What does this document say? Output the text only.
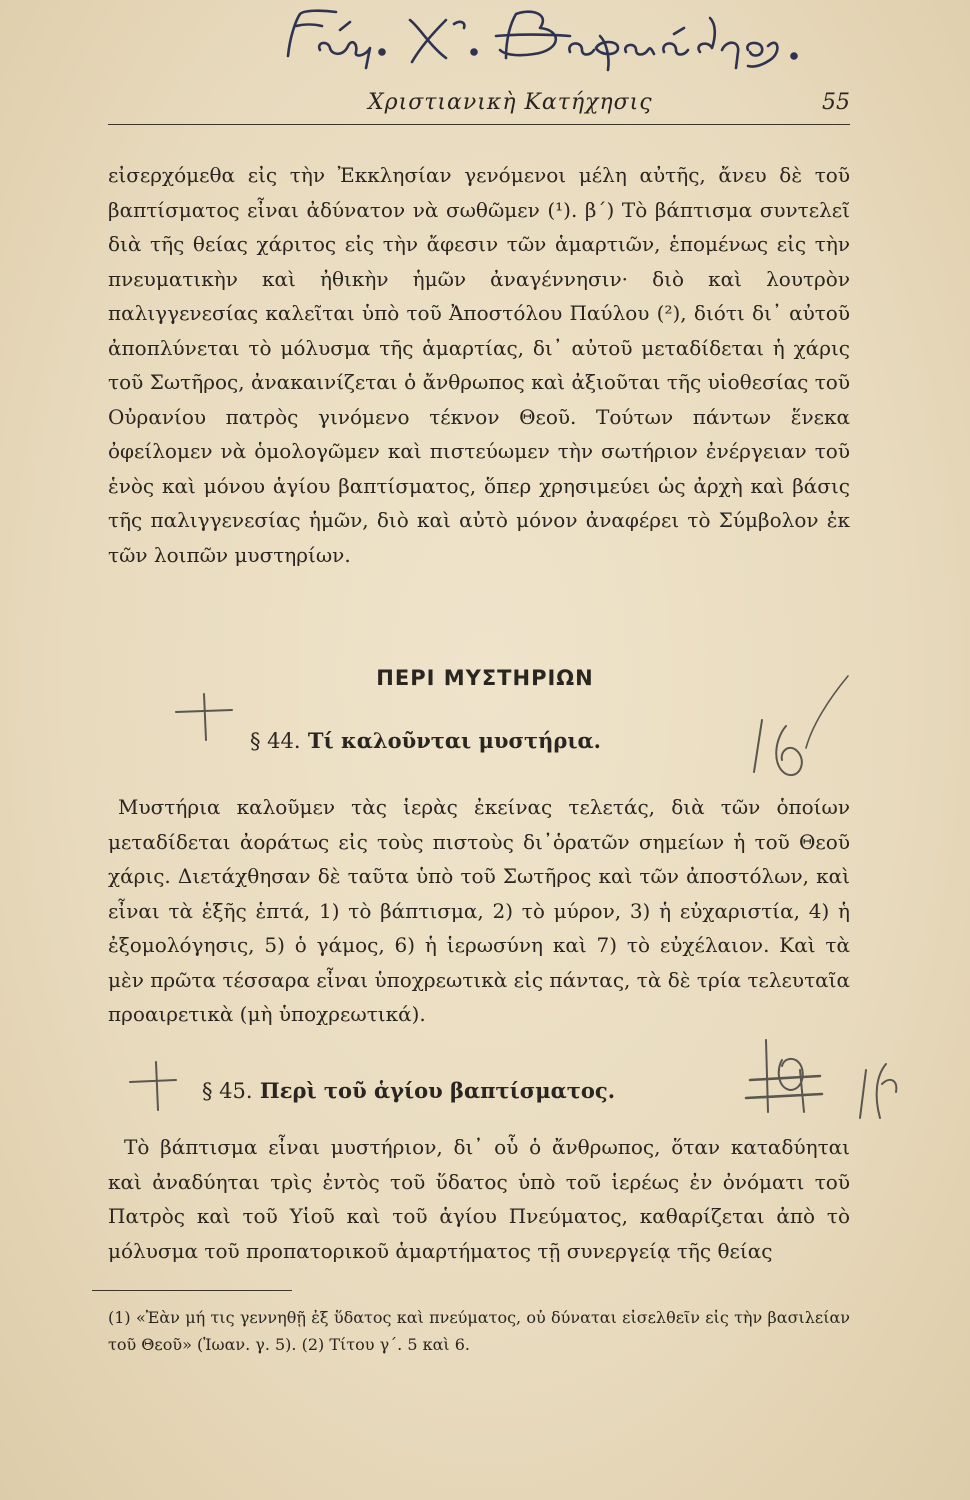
Χριστιανικὴ Κατήχησις	55

εἰσερχόμεθα εἰς τὴν Ἐκκλησίαν γενόμενοι μέλη αὐτῆς, ἄνευ δὲ τοῦ βαπτίσματος εἶναι ἀδύνατον νὰ σωθῶμεν (¹). β΄) Τὸ βάπτισμα συντελεῖ διὰ τῆς θείας χάριτος εἰς τὴν ἄφεσιν τῶν ἁμαρτιῶν, ἑπομένως εἰς τὴν πνευματικὴν καὶ ἠθικὴν ἡμῶν ἀναγέννησιν· διὸ καὶ λουτρὸν παλιγγενεσίας καλεῖται ὑπὸ τοῦ Ἀποστόλου Παύλου (²), διότι δι᾽ αὐτοῦ ἀποπλύνεται τὸ μόλυσμα τῆς ἁμαρτίας, δι᾽ αὐτοῦ μεταδίδεται ἡ χάρις τοῦ Σωτῆρος, ἀνακαινίζεται ὁ ἄνθρωπος καὶ ἀξιοῦται τῆς υἱοθεσίας τοῦ Οὐρανίου πατρὸς γινόμενο τέκνον Θεοῦ. Τούτων πάντων ἕνεκα ὀφείλομεν νὰ ὁμολογῶμεν καὶ πιστεύωμεν τὴν σωτήριον ἐνέργειαν τοῦ ἑνὸς καὶ μόνου ἁγίου βαπτίσματος, ὅπερ χρησιμεύει ὡς ἀρχὴ καὶ βάσις τῆς παλιγγενεσίας ἡμῶν, διὸ καὶ αὐτὸ μόνον ἀναφέρει τὸ Σύμβολον ἐκ τῶν λοιπῶν μυστηρίων.

ΠΕΡΙ ΜΥΣΤΗΡΙΩΝ
§ 44. Τί καλοῦνται μυστήρια.

Μυστήρια καλοῦμεν τὰς ἱερὰς ἐκείνας τελετάς, διὰ τῶν ὁποίων μεταδίδεται ἀοράτως εἰς τοὺς πιστοὺς δι᾽ὁρατῶν σημείων ἡ τοῦ Θεοῦ χάρις. Διετάχθησαν δὲ ταῦτα ὑπὸ τοῦ Σωτῆρος καὶ τῶν ἀποστόλων, καὶ εἶναι τὰ ἑξῆς ἑπτά, 1) τὸ βάπτισμα, 2) τὸ μύρον, 3) ἡ εὐχαριστία, 4) ἡ ἐξομολόγησις, 5) ὁ γάμος, 6) ἡ ἱερωσύνη καὶ 7) τὸ εὐχέλαιον. Καὶ τὰ μὲν πρῶτα τέσσαρα εἶναι ὑποχρεωτικὰ εἰς πάντας, τὰ δὲ τρία τελευταῖα προαιρετικὰ (μὴ ὑποχρεωτικά).

§ 45. Περὶ τοῦ ἁγίου βαπτίσματος.

Τὸ βάπτισμα εἶναι μυστήριον, δι᾽ οὗ ὁ ἄνθρωπος, ὅταν καταδύηται καὶ ἀναδύηται τρὶς ἐντὸς τοῦ ὕδατος ὑπὸ τοῦ ἱερέως ἐν ὀνόματι τοῦ Πατρὸς καὶ τοῦ Υἱοῦ καὶ τοῦ ἁγίου Πνεύματος, καθαρίζεται ἀπὸ τὸ μόλυσμα τοῦ προπατορικοῦ ἁμαρτήματος τῇ συνεργείᾳ τῆς θείας

(1) «Ἐὰν μή τις γεννηθῇ ἐξ ὕδατος καὶ πνεύματος, οὐ δύναται εἰσελθεῖν εἰς τὴν βασιλείαν τοῦ Θεοῦ» (Ἰωαν. γ. 5). (2) Τίτου γ΄. 5 καὶ 6.
